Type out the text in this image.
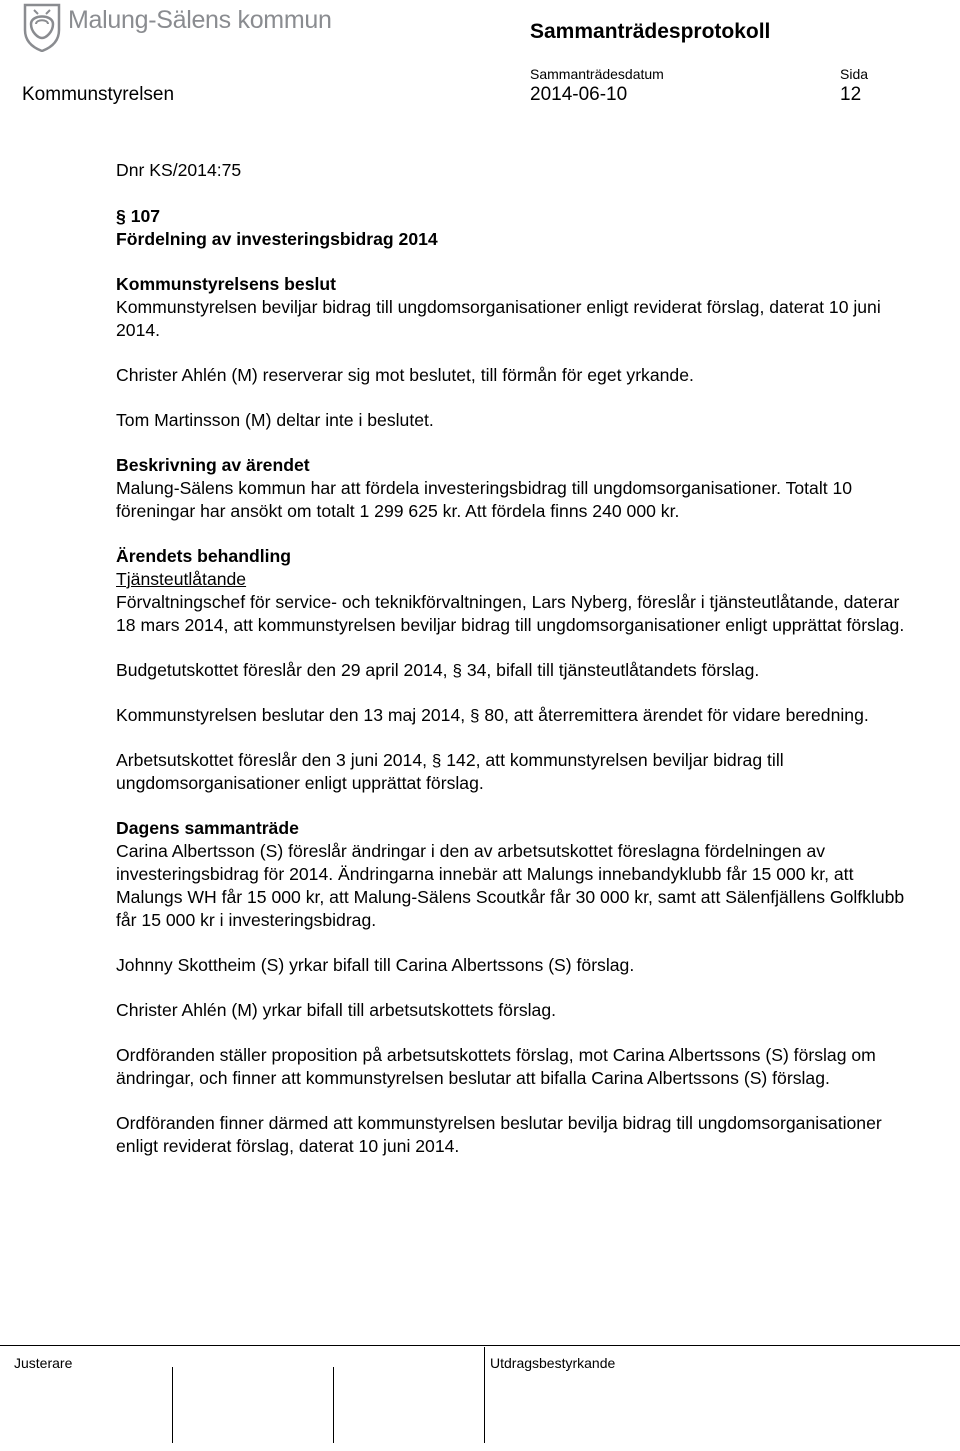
Malung-Sälens kommun	Sammanträdesprotokoll
Sammanträdesdatum	Sida
Kommunstyrelsen	2014-06-10	12

Dnr KS/2014:75

§ 107

Fördelning av investeringsbidrag 2014

Kommunstyrelsens beslut

Kommunstyrelsen beviljar bidrag till ungdomsorganisationer enligt reviderat förslag, daterat 10 juni 2014.

Christer Ahlén (M) reserverar sig mot beslutet, till förmån för eget yrkande.

Tom Martinsson (M) deltar inte i beslutet.

Beskrivning av ärendet

Malung-Sälens kommun har att fördela investeringsbidrag till ungdomsorganisationer. Totalt 10 föreningar har ansökt om totalt 1 299 625 kr. Att fördela finns 240 000 kr.

Ärendets behandling

Tjänsteutlåtande

Förvaltningschef för service- och teknikförvaltningen, Lars Nyberg, föreslår i tjänsteutlåtande, daterar 18 mars 2014, att kommunstyrelsen beviljar bidrag till ungdomsorganisationer enligt upprättat förslag.

Budgetutskottet föreslår den 29 april 2014, § 34, bifall till tjänsteutlåtandets förslag.

Kommunstyrelsen beslutar den 13 maj 2014, § 80, att återremittera ärendet för vidare beredning.

Arbetsutskottet föreslår den 3 juni 2014, § 142, att kommunstyrelsen beviljar bidrag till ungdomsorganisationer enligt upprättat förslag.

Dagens sammanträde

Carina Albertsson (S) föreslår ändringar i den av arbetsutskottet föreslagna fördelningen av investeringsbidrag för 2014. Ändringarna innebär att Malungs innebandyklubb får 15 000 kr, att Malungs WH får 15 000 kr, att Malung-Sälens Scoutkår får 30 000 kr, samt att Sälenfjällens Golfklubb får 15 000 kr i investeringsbidrag.

Johnny Skottheim (S) yrkar bifall till Carina Albertssons (S) förslag.

Christer Ahlén (M) yrkar bifall till arbetsutskottets förslag.

Ordföranden ställer proposition på arbetsutskottets förslag, mot Carina Albertssons (S) förslag om ändringar, och finner att kommunstyrelsen beslutar att bifalla Carina Albertssons (S) förslag.

Ordföranden finner därmed att kommunstyrelsen beslutar bevilja bidrag till ungdomsorganisationer enligt reviderat förslag, daterat 10 juni 2014.

Justerare	Utdragsbestyrkande
